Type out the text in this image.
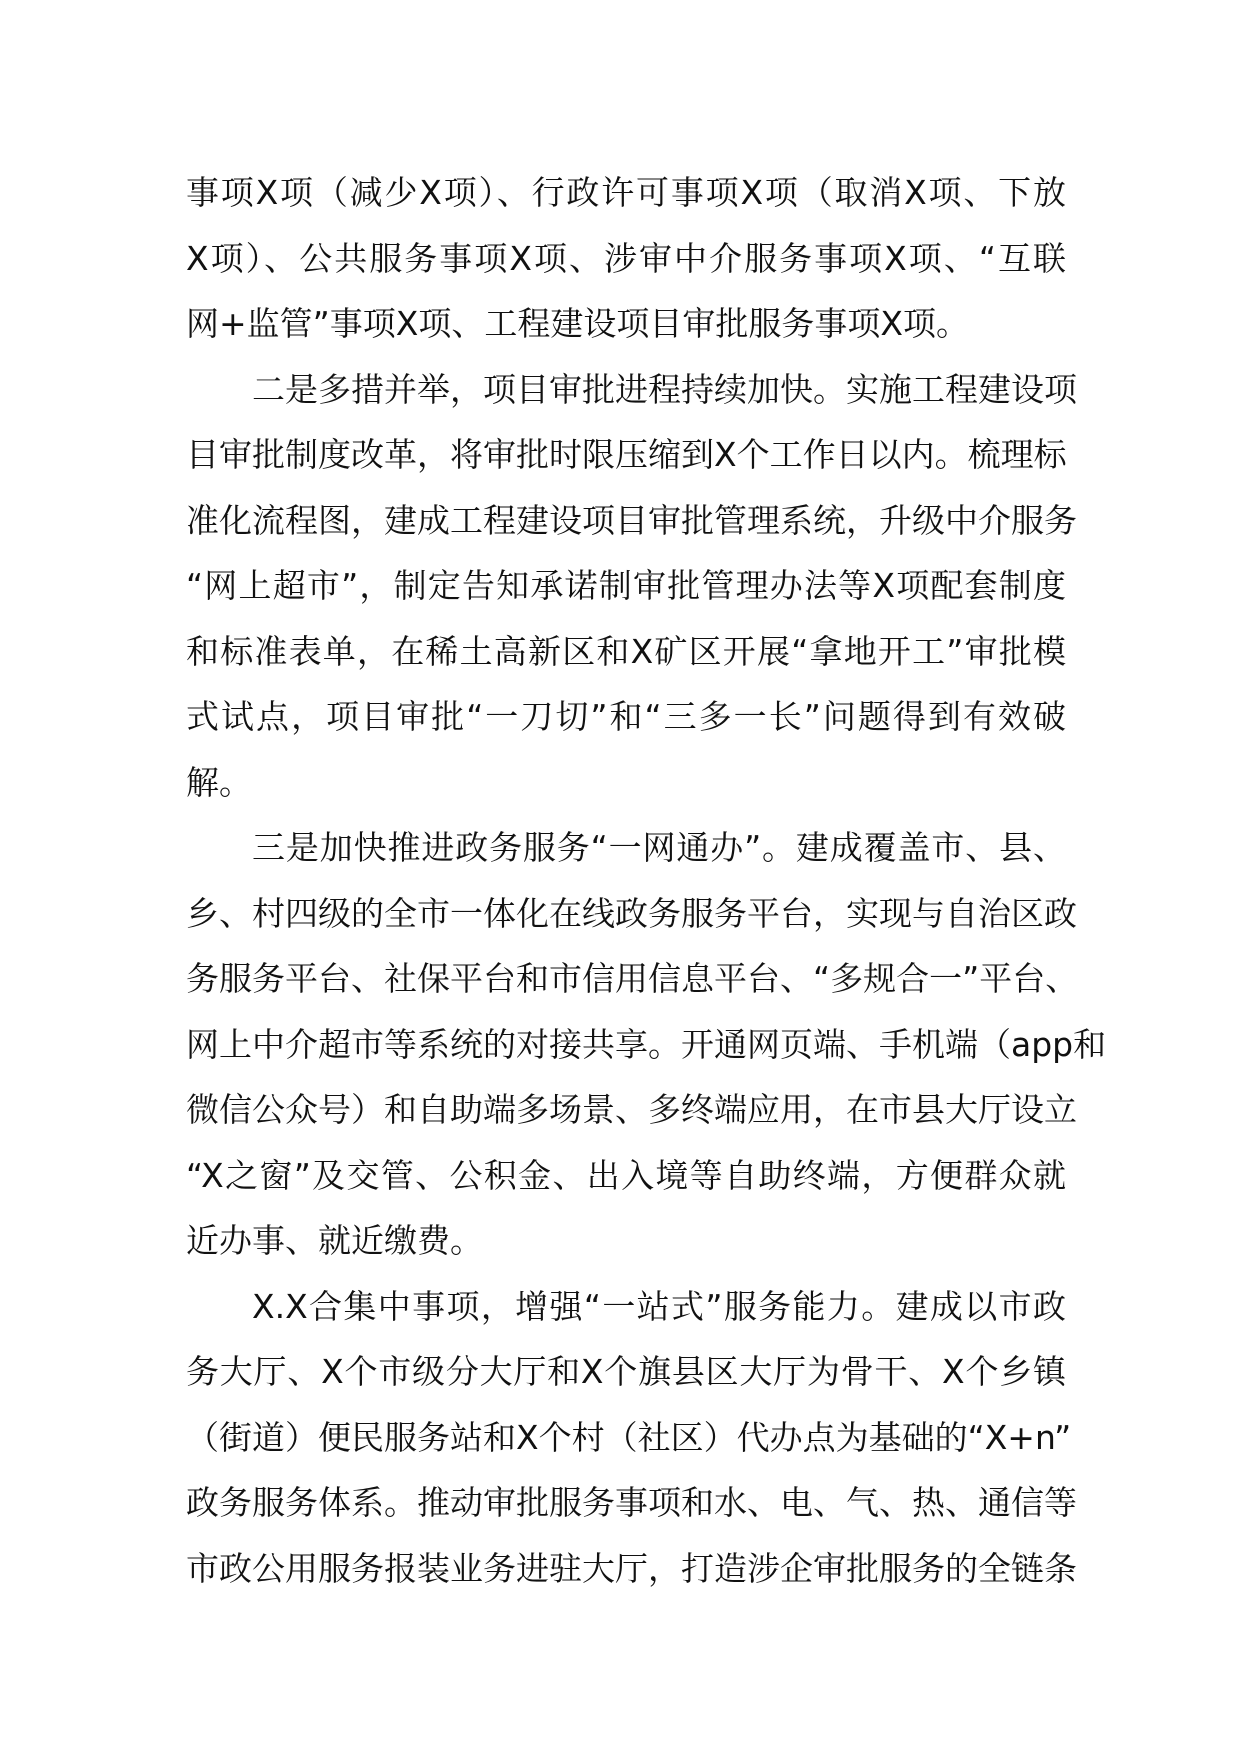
事项X项（减少X项）、行政许可事项X项（取消X项、下放
X项）、公共服务事项X项、涉审中介服务事项X项、“互联
网+监管”事项X项、工程建设项目审批服务事项X项。
二是多措并举，项目审批进程持续加快。实施工程建设项
目审批制度改革，将审批时限压缩到X个工作日以内。梳理标
准化流程图，建成工程建设项目审批管理系统，升级中介服务
“网上超市”，制定告知承诺制审批管理办法等X项配套制度
和标准表单，在稀土高新区和X矿区开展“拿地开工”审批模
式试点，项目审批“一刀切”和“三多一长”问题得到有效破
解。
三是加快推进政务服务“一网通办”。建成覆盖市、县、
乡、村四级的全市一体化在线政务服务平台，实现与自治区政
务服务平台、社保平台和市信用信息平台、“多规合一”平台、
网上中介超市等系统的对接共享。开通网页端、手机端（app和
微信公众号）和自助端多场景、多终端应用，在市县大厅设立
“X之窗”及交管、公积金、出入境等自助终端，方便群众就
近办事、就近缴费。
X.X合集中事项，增强“一站式”服务能力。建成以市政
务大厅、X个市级分大厅和X个旗县区大厅为骨干、X个乡镇
（街道）便民服务站和X个村（社区）代办点为基础的“X+n”
政务服务体系。推动审批服务事项和水、电、气、热、通信等
市政公用服务报装业务进驻大厅，打造涉企审批服务的全链条
